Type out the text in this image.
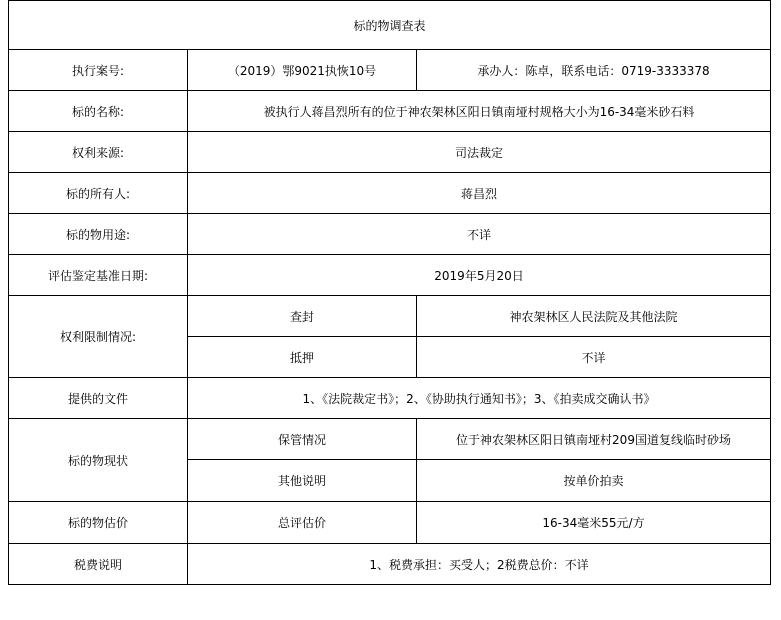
标的物调查表		
执行案号:	（2019）鄂9021执恢10号	承办人：陈卓，联系电话：0719-3333378
标的名称:	被执行人蒋昌烈所有的位于神农架林区阳日镇南垭村规格大小为16-34毫米砂石料	
权利来源:	司法裁定	
标的所有人:	蒋昌烈	
标的物用途:	不详	
评估鉴定基准日期:	2019年5月20日	
权利限制情况:	查封	神农架林区人民法院及其他法院
	抵押	不详
提供的文件	1、《法院裁定书》；2、《协助执行通知书》；3、《拍卖成交确认书》	
标的物现状	保管情况	位于神农架林区阳日镇南垭村209国道复线临时砂场
	其他说明	按单价拍卖
标的物估价	总评估价	16-34毫米55元/方
税费说明	1、税费承担：买受人；2税费总价：不详	
